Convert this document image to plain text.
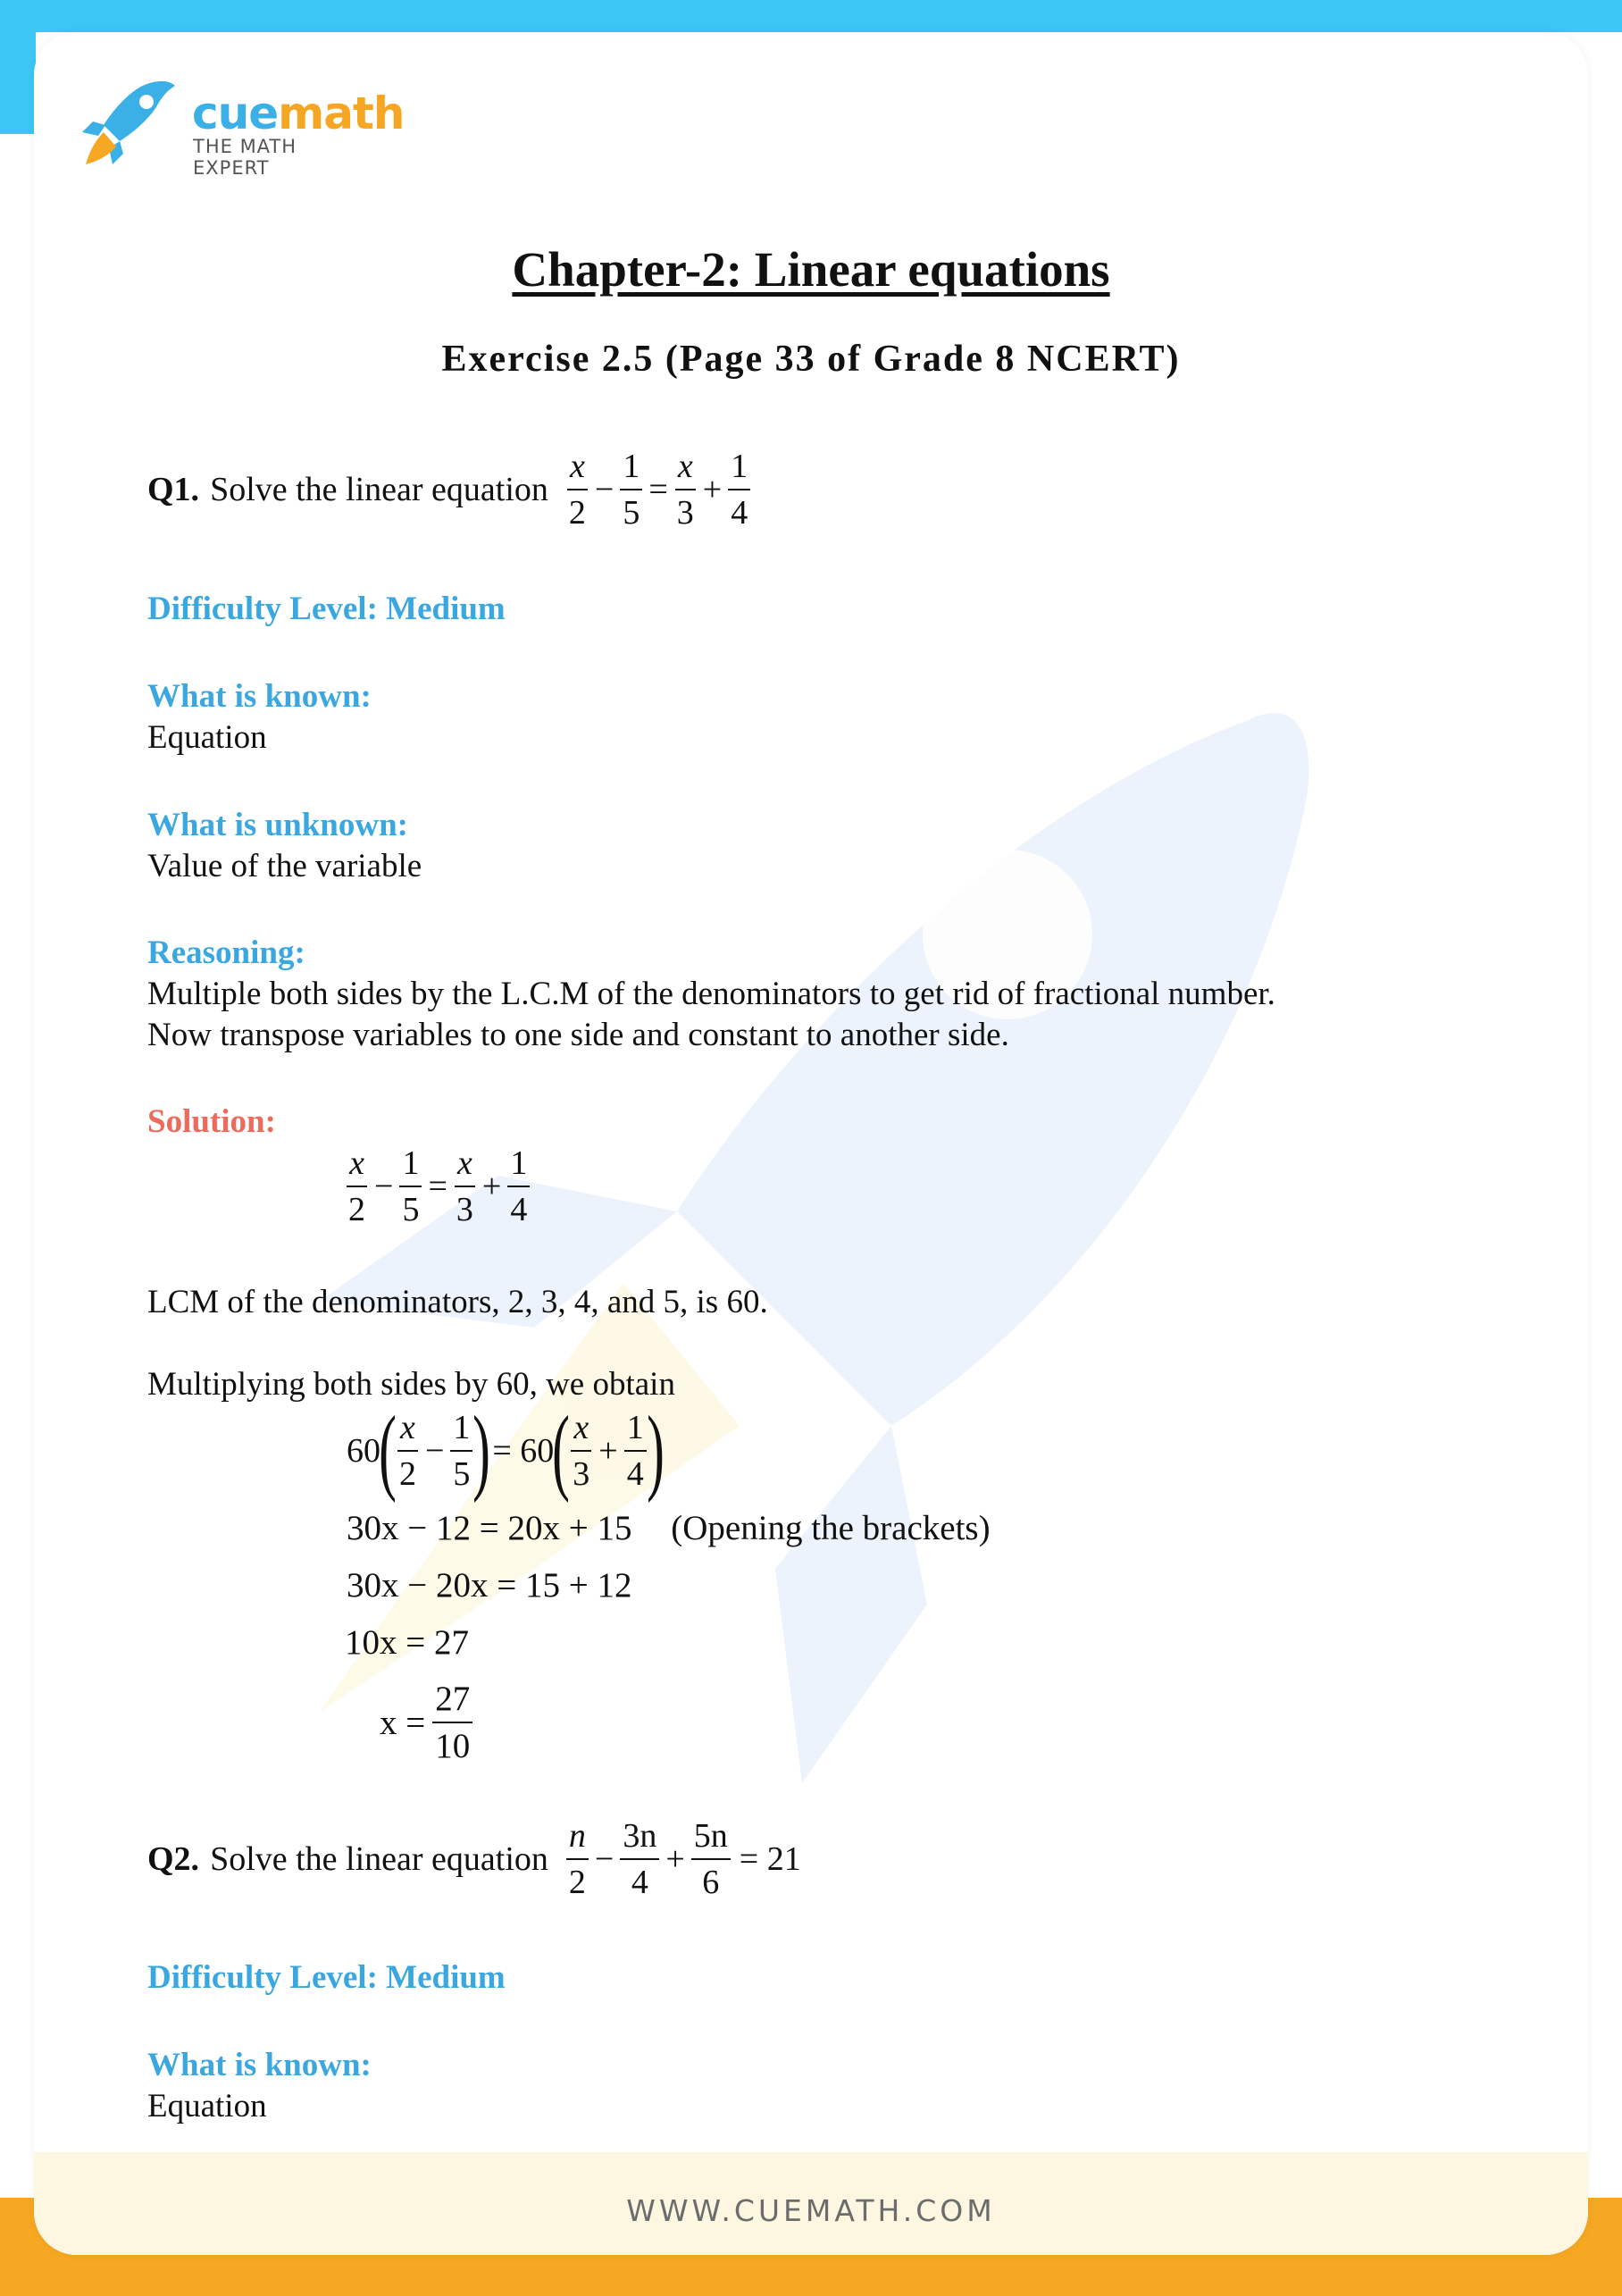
WWW.CUEMATH.COM
cuemath
THE MATH EXPERT
Chapter-2: Linear equations
Exercise 2.5 (Page 33 of Grade 8 NCERT)
Q1. Solve the linear equation $\frac{x}{2} - \frac{1}{5} = \frac{x}{3} + \frac{1}{4}$
Difficulty Level: Medium
What is known:
Equation
What is unknown:
Value of the variable
Reasoning:
Multiple both sides by the L.C.M of the denominators to get rid of fractional number.
Now transpose variables to one side and constant to another side.
Solution:
$\frac{x}{2} - \frac{1}{5} = \frac{x}{3} + \frac{1}{4}$
LCM of the denominators, 2, 3, 4, and 5, is 60.
Multiplying both sides by 60, we obtain
60
( $\frac{x}{2} - \frac{1}{5}$ ) = 60
( $\frac{x}{3} + \frac{1}{4}$ )
30x − 12 = 20x + 15 (Opening the brackets)
30x − 20x = 15 + 12
10x = 27
$x = \frac{27}{10}$
Q2. Solve the linear equation $\frac{n}{2} - \frac{3n}{4} + \frac{5n}{6} = 21$
Difficulty Level: Medium
What is known:
Equation
